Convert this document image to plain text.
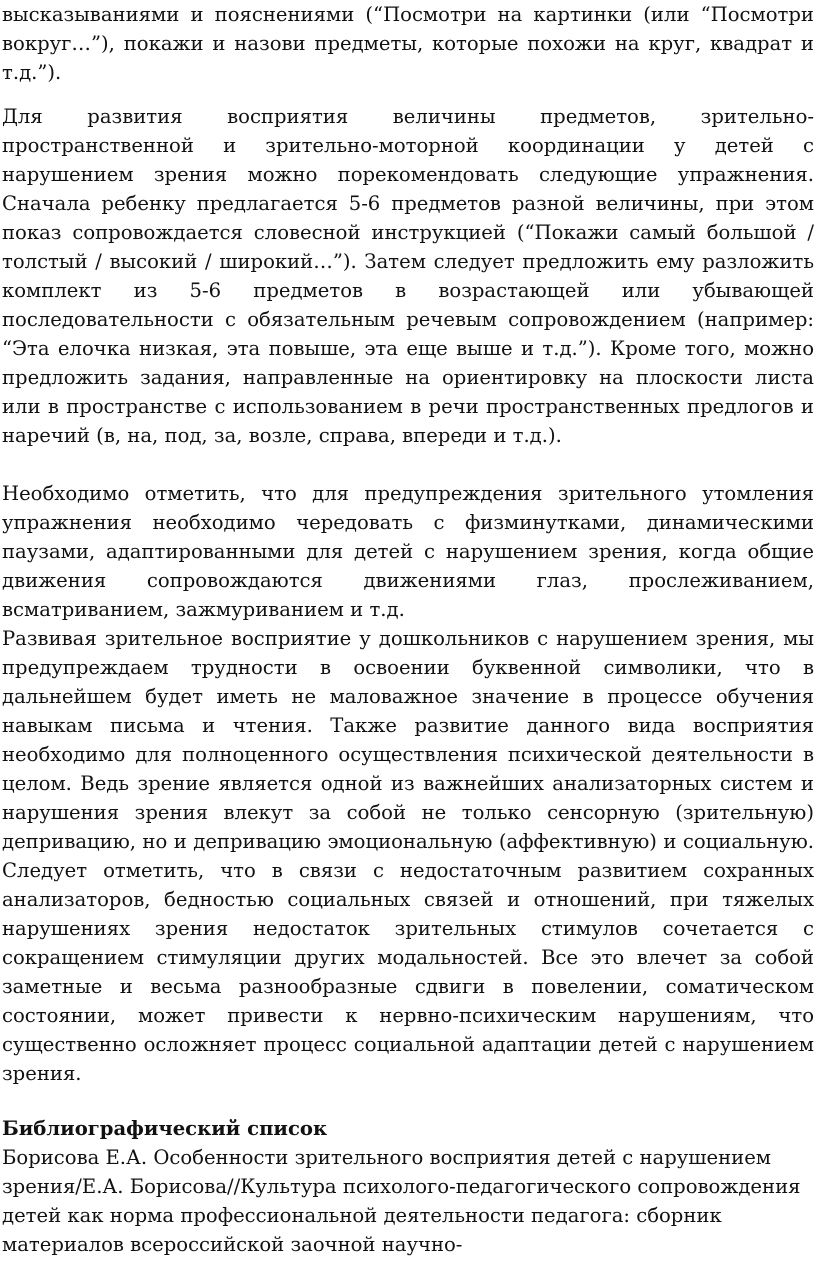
высказываниями и пояснениями (“Посмотри на картинки (или “Посмотри вокруг…”), покажи и назови предметы, которые похожи на круг, квадрат и т.д.”).

Для развития восприятия величины предметов, зрительно-пространственной и зрительно-моторной координации у детей с нарушением зрения можно порекомендовать следующие упражнения. Сначала ребенку предлагается 5-6 предметов разной величины, при этом показ сопровождается словесной инструкцией (“Покажи самый большой / толстый / высокий / широкий…”). Затем следует предложить ему разложить комплект из 5-6 предметов в возрастающей или убывающей последовательности с обязательным речевым сопровождением (например: “Эта елочка низкая, эта повыше, эта еще выше и т.д.”). Кроме того, можно предложить задания, направленные на ориентировку на плоскости листа или в пространстве с использованием в речи пространственных предлогов и наречий (в, на, под, за, возле, справа, впереди и т.д.).

Необходимо отметить, что для предупреждения зрительного утомления упражнения необходимо чередовать с физминутками, динамическими паузами, адаптированными для детей с нарушением зрения, когда общие движения сопровождаются движениями глаз, прослеживанием, всматриванием, зажмуриванием и т.д.

Развивая зрительное восприятие у дошкольников с нарушением зрения, мы предупреждаем трудности в освоении буквенной символики, что в дальнейшем будет иметь не маловажное значение в процессе обучения навыкам письма и чтения. Также развитие данного вида восприятия необходимо для полноценного осуществления психической деятельности в целом. Ведь зрение является одной из важнейших анализаторных систем и нарушения зрения влекут за собой не только сенсорную (зрительную) депривацию, но и депривацию эмоциональную (аффективную) и социальную. Следует отметить, что в связи с недостаточным развитием сохранных анализаторов, бедностью социальных связей и отношений, при тяжелых нарушениях зрения недостаток зрительных стимулов сочетается с сокращением стимуляции других модальностей. Все это влечет за собой заметные и весьма разнообразные сдвиги в повелении, соматическом состоянии, может привести к нервно-психическим нарушениям, что существенно осложняет процесс социальной адаптации детей с нарушением зрения.

Библиографический список

Борисова Е.А. Особенности зрительного восприятия детей с нарушением зрения/Е.А. Борисова//Культура психолого-педагогического сопровождения детей как норма профессиональной деятельности педагога: сборник материалов всероссийской заочной научно-
